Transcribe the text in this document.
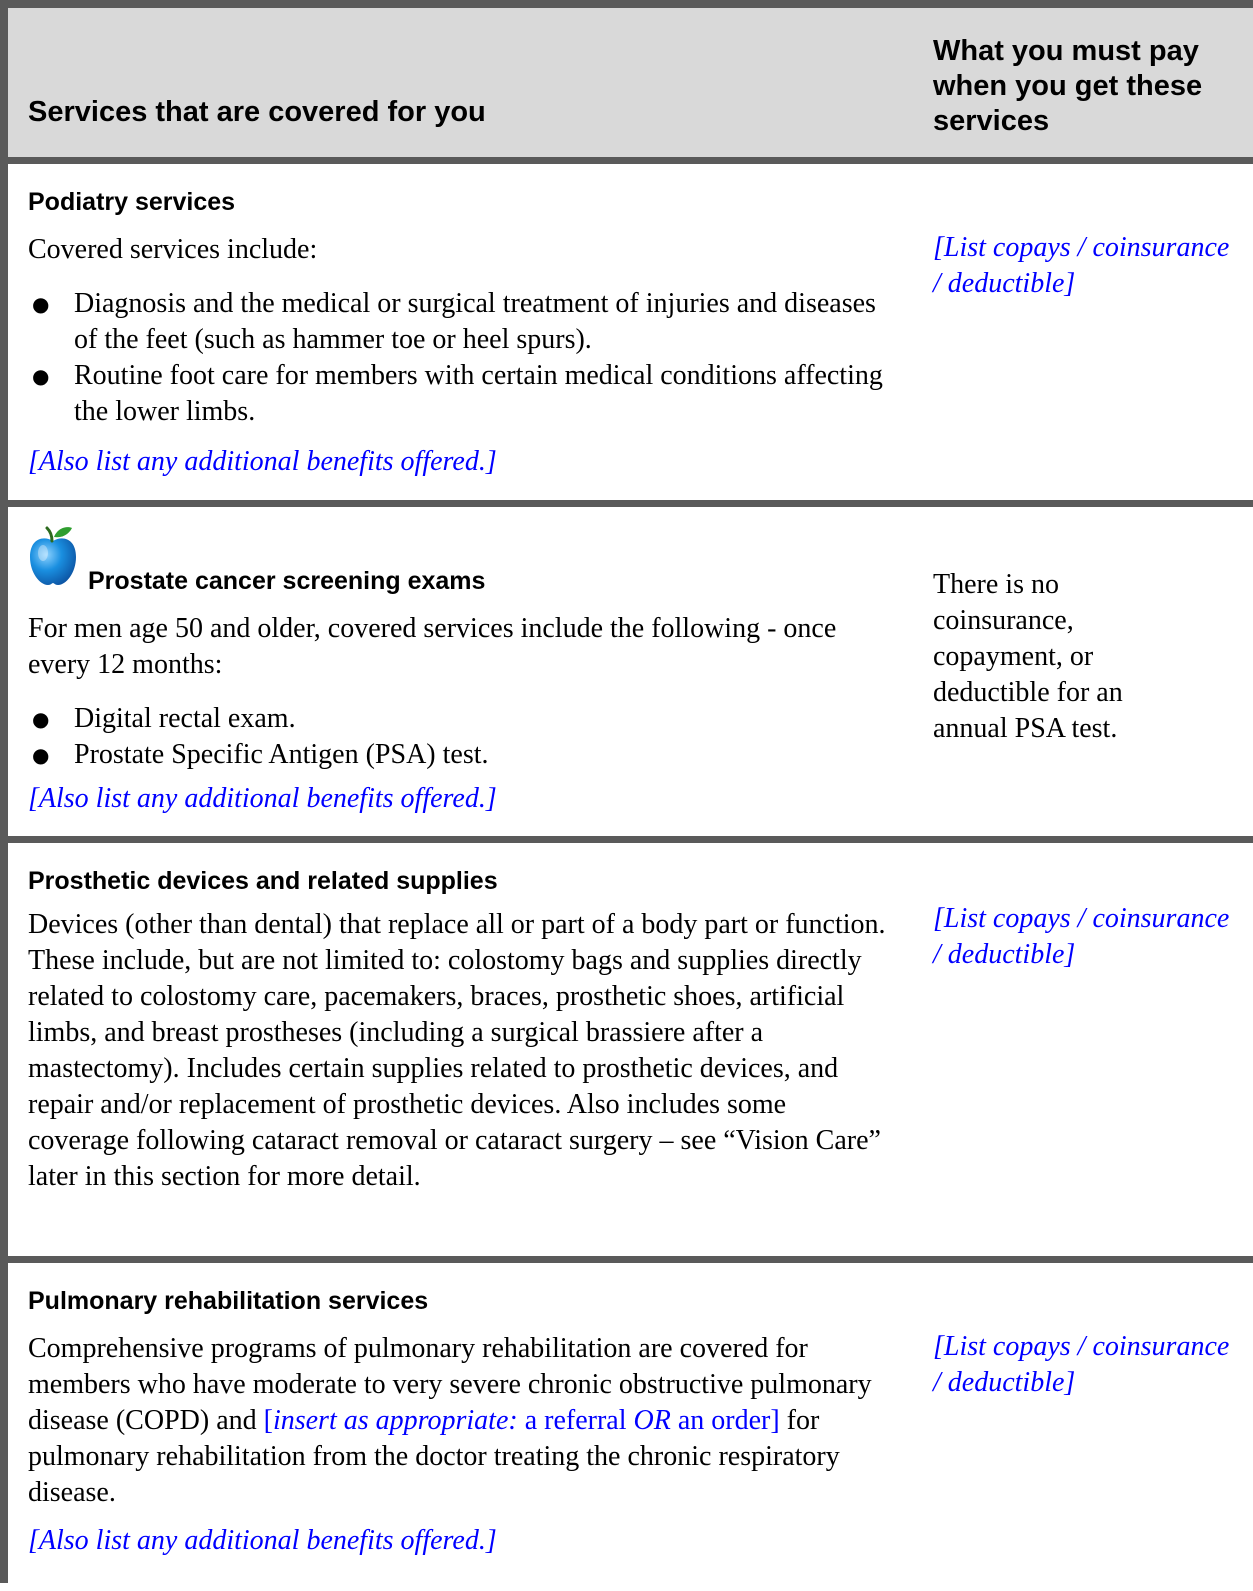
Services that are covered for you
What you must pay when you get these services
Podiatry services
Covered services include:
● Diagnosis and the medical or surgical treatment of injuries and diseases of the feet (such as hammer toe or heel spurs).
● Routine foot care for members with certain medical conditions affecting the lower limbs.
[Also list any additional benefits offered.]
[List copays / coinsurance / deductible]
Prostate cancer screening exams
For men age 50 and older, covered services include the following - once every 12 months:
● Digital rectal exam.
● Prostate Specific Antigen (PSA) test.
[Also list any additional benefits offered.]
There is no coinsurance, copayment, or deductible for an annual PSA test.
Prosthetic devices and related supplies
Devices (other than dental) that replace all or part of a body part or function. These include, but are not limited to: colostomy bags and supplies directly related to colostomy care, pacemakers, braces, prosthetic shoes, artificial limbs, and breast prostheses (including a surgical brassiere after a mastectomy). Includes certain supplies related to prosthetic devices, and repair and/or replacement of prosthetic devices. Also includes some coverage following cataract removal or cataract surgery – see “Vision Care” later in this section for more detail.
[List copays / coinsurance / deductible]
Pulmonary rehabilitation services
Comprehensive programs of pulmonary rehabilitation are covered for members who have moderate to very severe chronic obstructive pulmonary disease (COPD) and [insert as appropriate: a referral OR an order] for pulmonary rehabilitation from the doctor treating the chronic respiratory disease.
[Also list any additional benefits offered.]
[List copays / coinsurance / deductible]
